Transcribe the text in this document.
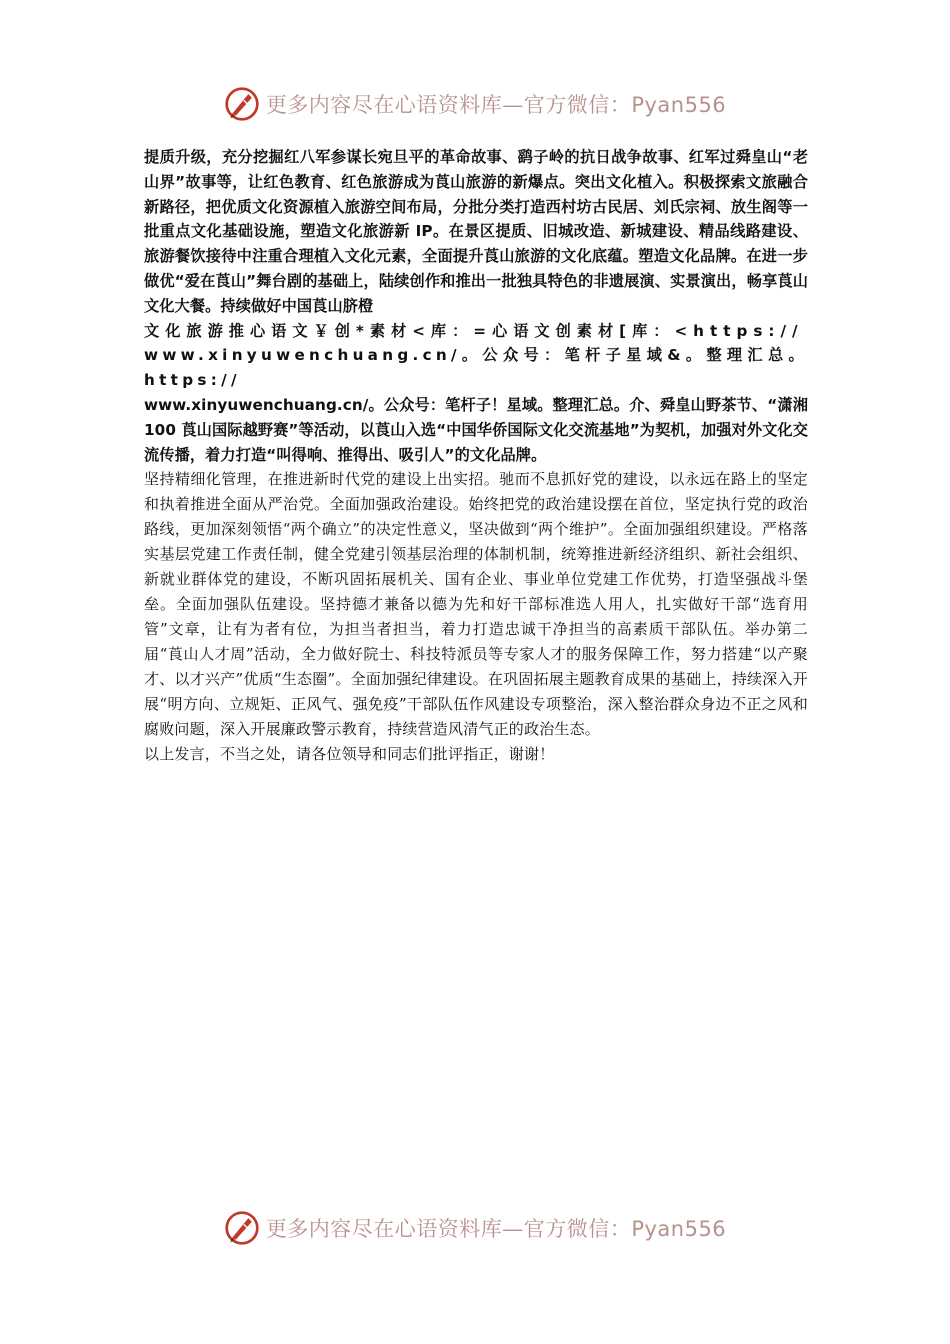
更多内容尽在心语资料库—官方微信：Pyan556

提质升级，充分挖掘红八军参谋长宛旦平的革命故事、鹞子岭的抗日战争故事、红军过舜皇山“老山界”故事等，让红色教育、红色旅游成为莨山旅游的新爆点。突出文化植入。积极探索文旅融合新路径，把优质文化资源植入旅游空间布局，分批分类打造西村坊古民居、刘氏宗祠、放生阁等一批重点文化基础设施，塑造文化旅游新 IP。在景区提质、旧城改造、新城建设、精品线路建设、旅游餐饮接待中注重合理植入文化元素，全面提升莨山旅游的文化底蕴。塑造文化品牌。在进一步做优“爱在莨山”舞台剧的基础上，陆续创作和推出一批独具特色的非遗展演、实景演出，畅享莨山文化大餐。持续做好中国莨山脐橙
文化旅游推心语文￥创*素材<库：=心语文创素材[库：<https://
www.xinyuwenchuang.cn/。公众号：笔杆子星域&。整理汇总。https://
www.xinyuwenchuang.cn/。公众号：笔杆子！星域。整理汇总。介、舜皇山野茶节、“潇湘 100 莨山国际越野赛”等活动，以莨山入选“中国华侨国际文化交流基地”为契机，加强对外文化交流传播，着力打造“叫得响、推得出、吸引人”的文化品牌。

坚持精细化管理，在推进新时代党的建设上出实招。驰而不息抓好党的建设，以永远在路上的坚定和执着推进全面从严治党。全面加强政治建设。始终把党的政治建设摆在首位，坚定执行党的政治路线，更加深刻领悟“两个确立”的决定性意义，坚决做到“两个维护”。全面加强组织建设。严格落实基层党建工作责任制，健全党建引领基层治理的体制机制，统筹推进新经济组织、新社会组织、新就业群体党的建设，不断巩固拓展机关、国有企业、事业单位党建工作优势，打造坚强战斗堡垒。全面加强队伍建设。坚持德才兼备以德为先和好干部标准选人用人，扎实做好干部“选育用管”文章，让有为者有位，为担当者担当，着力打造忠诚干净担当的高素质干部队伍。举办第二届“莨山人才周”活动，全力做好院士、科技特派员等专家人才的服务保障工作，努力搭建“以产聚才、以才兴产”优质“生态圈”。全面加强纪律建设。在巩固拓展主题教育成果的基础上，持续深入开展“明方向、立规矩、正风气、强免疫”干部队伍作风建设专项整治，深入整治群众身边不正之风和腐败问题，深入开展廉政警示教育，持续营造风清气正的政治生态。

以上发言，不当之处，请各位领导和同志们批评指正，谢谢！

更多内容尽在心语资料库—官方微信：Pyan556
